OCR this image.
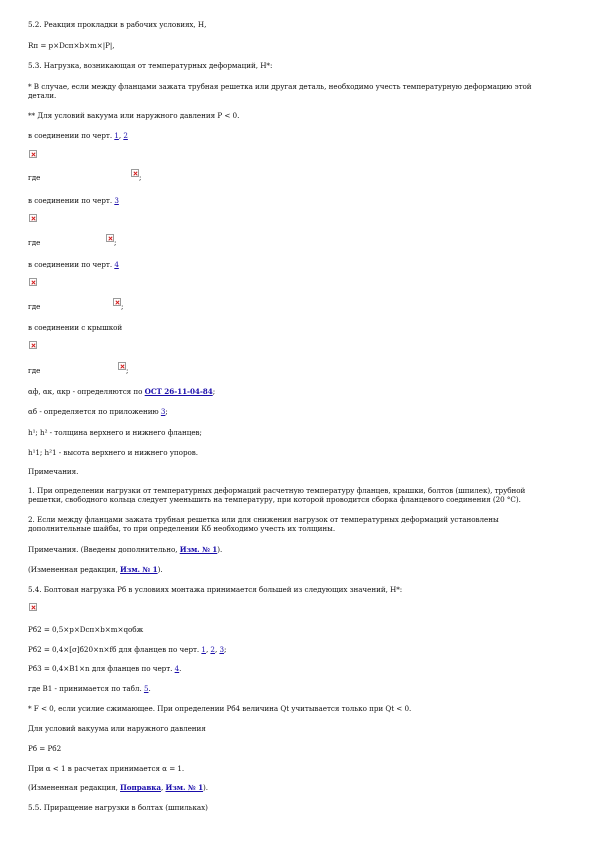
5.2. Реакция прокладки в рабочих условиях, Н,
Rп = p×Dсп×b×m×|P|,
5.3. Нагрузка, возникающая от температурных деформаций, Н*:
* В случае, если между фланцами зажата трубная решетка или другая деталь, необходимо учесть температурную деформацию этой
детали.
** Для условий вакуума или наружного давления P < 0.
в соединении по черт. 1, 2
где	;
в соединении по черт. 3
где	;
в соединении по черт. 4
где	;
в соединении с крышкой
где	;
αф, αк, αкр - определяются по ОСТ 26-11-04-84;
αб - определяется по приложению 3;
h¹; h² - толщина верхнего и нижнего фланцев;
h¹1; h²1 - высота верхнего и нижнего упоров.
Примечания.
1. При определении нагрузки от температурных деформаций расчетную температуру фланцев, крышки, болтов (шпилек), трубной
решетки, свободного кольца следует уменьшить на температуру, при которой проводится сборка фланцевого соединения (20 °С).
2. Если между фланцами зажата трубная решетка или для снижения нагрузок от температурных деформаций установлены
дополнительные шайбы, то при определении Кб необходимо учесть их толщины.
Примечания. (Введены дополнительно, Изм. № 1).
(Измененная редакция, Изм. № 1).
5.4. Болтовая нагрузка Pб в условиях монтажа принимается большей из следующих значений, Н*:
Pб2 = 0,5×p×Dсп×b×m×qобж
Pб2 = 0,4×[σ]б20×n×fб для фланцев по черт. 1, 2, 3;
Pб3 = 0,4×B1×n для фланцев по черт. 4.
где B1 - принимается по табл. 5.
* F < 0, если усилие сжимающее. При определении Pб4 величина Qt учитывается только при Qt < 0.
Для условий вакуума или наружного давления
Pб = Pб2
При α < 1 в расчетах принимается α = 1.
(Измененная редакция, Поправка, Изм. № 1).
5.5. Приращение нагрузки в болтах (шпильках)
